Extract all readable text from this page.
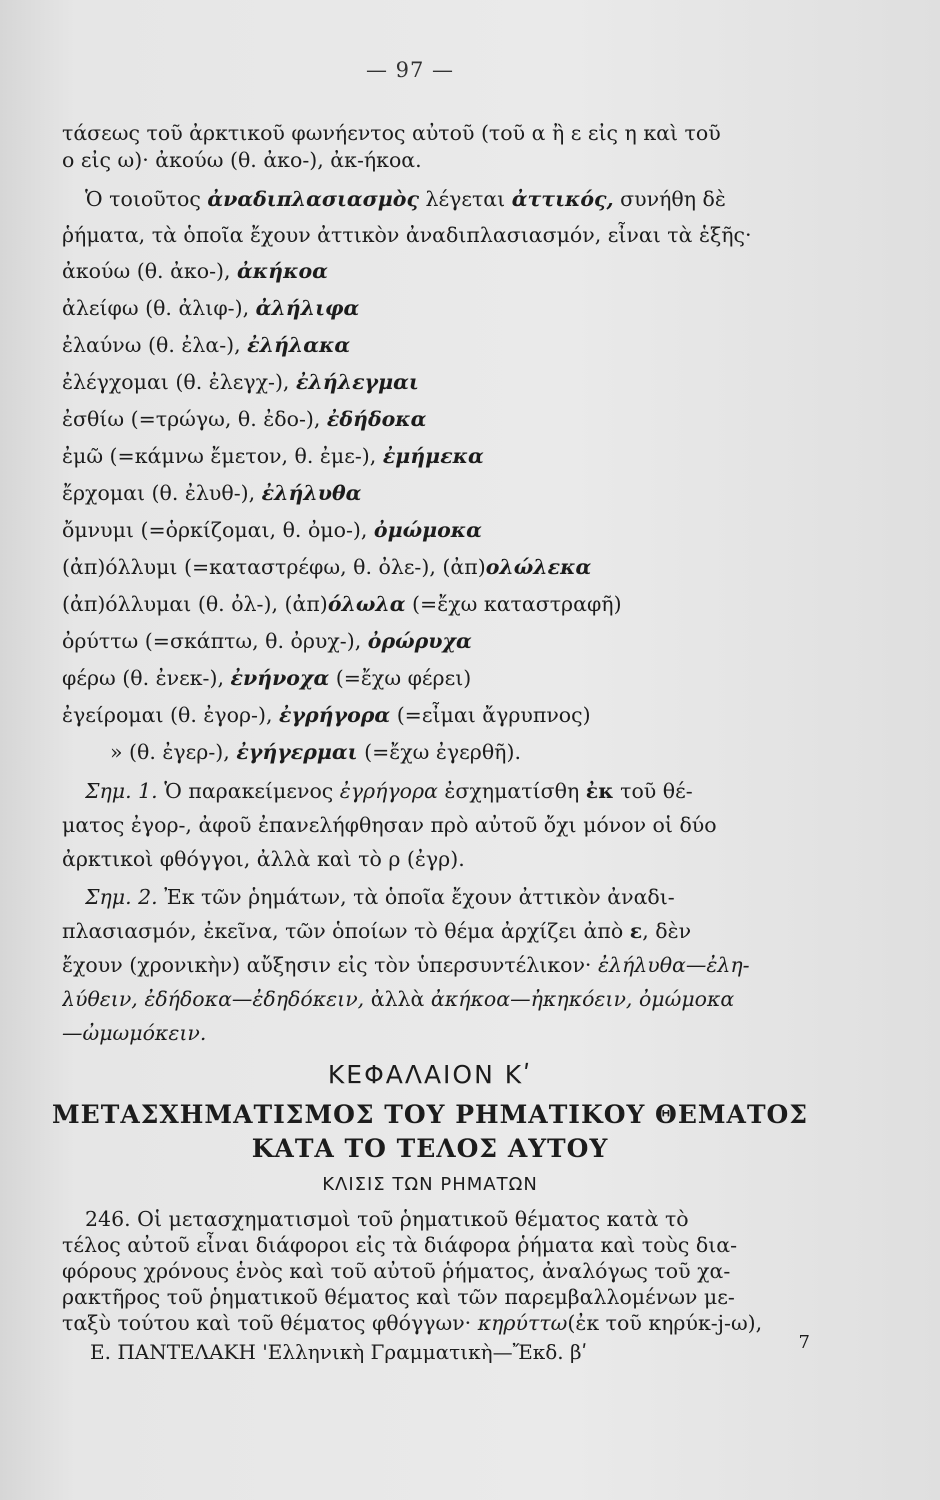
— 97 —
τάσεως τοῦ ἀρκτικοῦ φωνήεντος αὐτοῦ (τοῦ α ἢ ε εἰς η καὶ τοῦ
ο εἰς ω)· ἀκούω (θ. ἀκο-), ἀκ-ήκοα.
Ὁ τοιοῦτος ἀναδιπλασιασμὸς λέγεται ἀττικός, συνήθη δὲ
ῥήματα, τὰ ὁποῖα ἔχουν ἀττικὸν ἀναδιπλασιασμόν, εἶναι τὰ ἑξῆς·
ἀκούω (θ. ἀκο-), ἀκήκοα
ἀλείφω (θ. ἀλιφ-), ἀλήλιφα
ἐλαύνω (θ. ἐλα-), ἐλήλακα
ἐλέγχομαι (θ. ἐλεγχ-), ἐλήλεγμαι
ἐσθίω (=τρώγω, θ. ἐδο-), ἐδήδοκα
ἐμῶ (=κάμνω ἔμετον, θ. ἐμε-), ἐμήμεκα
ἔρχομαι (θ. ἐλυθ-), ἐλήλυθα
ὄμνυμι (=ὁρκίζομαι, θ. ὀμο-), ὀμώμοκα
(ἀπ)όλλυμι (=καταστρέφω, θ. ὀλε-), (ἀπ)ολώλεκα
(ἀπ)όλλυμαι (θ. ὀλ-), (ἀπ)όλωλα (=ἔχω καταστραφῆ)
ὀρύττω (=σκάπτω, θ. ὀρυχ-), ὀρώρυχα
φέρω (θ. ἐνεκ-), ἐνήνοχα (=ἔχω φέρει)
ἐγείρομαι (θ. ἐγορ-), ἐγρήγορα (=εἶμαι ἄγρυπνος)
» (θ. ἐγερ-), ἐγήγερμαι (=ἔχω ἐγερθῆ).
Σημ. 1. Ὁ παρακείμενος ἐγρήγορα ἐσχηματίσθη ἐκ τοῦ θέ-
ματος ἐγορ-, ἀφοῦ ἐπανελήφθησαν πρὸ αὐτοῦ ὄχι μόνον οἱ δύο
ἀρκτικοὶ φθόγγοι, ἀλλὰ καὶ τὸ ρ (ἐγρ).
Σημ. 2. Ἐκ τῶν ῥημάτων, τὰ ὁποῖα ἔχουν ἀττικὸν ἀναδι-
πλασιασμόν, ἐκεῖνα, τῶν ὁποίων τὸ θέμα ἀρχίζει ἀπὸ ε, δὲν
ἔχουν (χρονικὴν) αὔξησιν εἰς τὸν ὑπερσυντέλικον· ἐλήλυθα—ἐλη-
λύθειν, ἐδήδοκα—ἐδηδόκειν, ἀλλὰ ἀκήκοα—ἠκηκόειν, ὀμώμοκα
—ὠμωμόκειν.
ΚΕΦΑΛΑΙΟΝ Κʹ
ΜΕΤΑΣΧΗΜΑΤΙΣΜΟΣ ΤΟΥ ΡΗΜΑΤΙΚΟΥ ΘΕΜΑΤΟΣ
ΚΑΤΑ ΤΟ ΤΕΛΟΣ ΑΥΤΟΥ
ΚΛΙΣΙΣ ΤΩΝ ΡΗΜΑΤΩΝ
246. Οἱ μετασχηματισμοὶ τοῦ ῥηματικοῦ θέματος κατὰ τὸ
τέλος αὐτοῦ εἶναι διάφοροι εἰς τὰ διάφορα ῥήματα καὶ τοὺς δια-
φόρους χρόνους ἑνὸς καὶ τοῦ αὐτοῦ ῥήματος, ἀναλόγως τοῦ χα-
ρακτῆρος τοῦ ῥηματικοῦ θέματος καὶ τῶν παρεμβαλλομένων με-
ταξὺ τούτου καὶ τοῦ θέματος φθόγγων· κηρύττω(ἐκ τοῦ κηρύκ-j-ω),
Ε. ΠΑΝΤΕΛΑΚΗ 'Ελληνικὴ Γραμματικὴ—Ἔκδ. βʹ	7
